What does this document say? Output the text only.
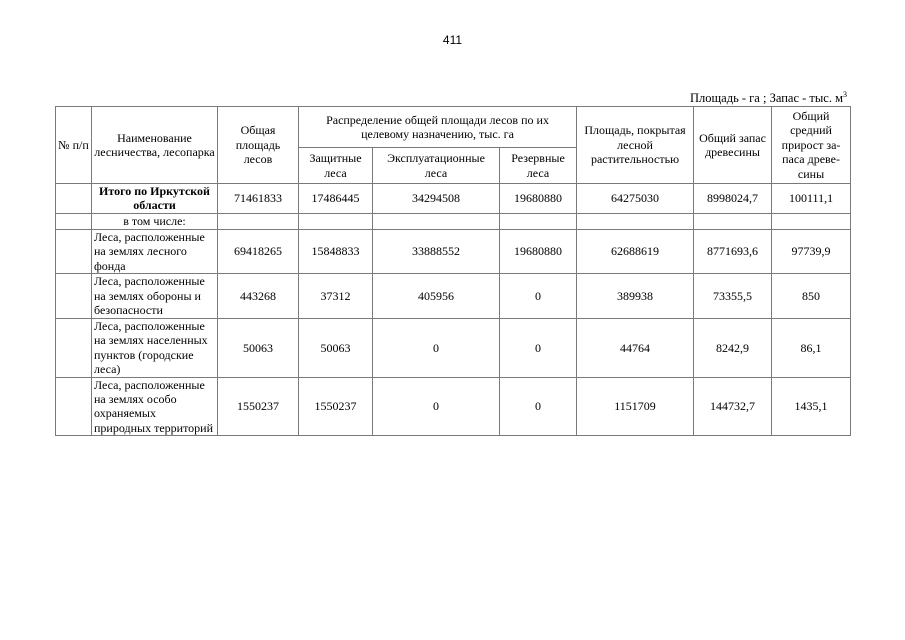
411
Площадь - га ; Запас - тыс. $м^3$
№ п/п	Наименование лесничества, лесопарка	Общая площадь лесов	Распределение общей площади лесов по их целевому назначению, тыс. га			Площадь, покрытая лесной растительностью	Общий запас древесины	Общий средний прирост за-паса древе-сины
			Защитные леса	Эксплуатационные леса	Резервные леса			
	Итого по Иркутской области	71461833	17486445	34294508	19680880	64275030	8998024,7	100111,1
	в том числе:							
	Леса, расположенные на землях лесного фонда	69418265	15848833	33888552	19680880	62688619	8771693,6	97739,9
	Леса, расположенные на землях обороны и безопасности	443268	37312	405956	0	389938	73355,5	850
	Леса, расположенные на землях населенных пунктов (городские леса)	50063	50063	0	0	44764	8242,9	86,1
	Леса, расположенные на землях особо охраняемых природных территорий	1550237	1550237	0	0	1151709	144732,7	1435,1
